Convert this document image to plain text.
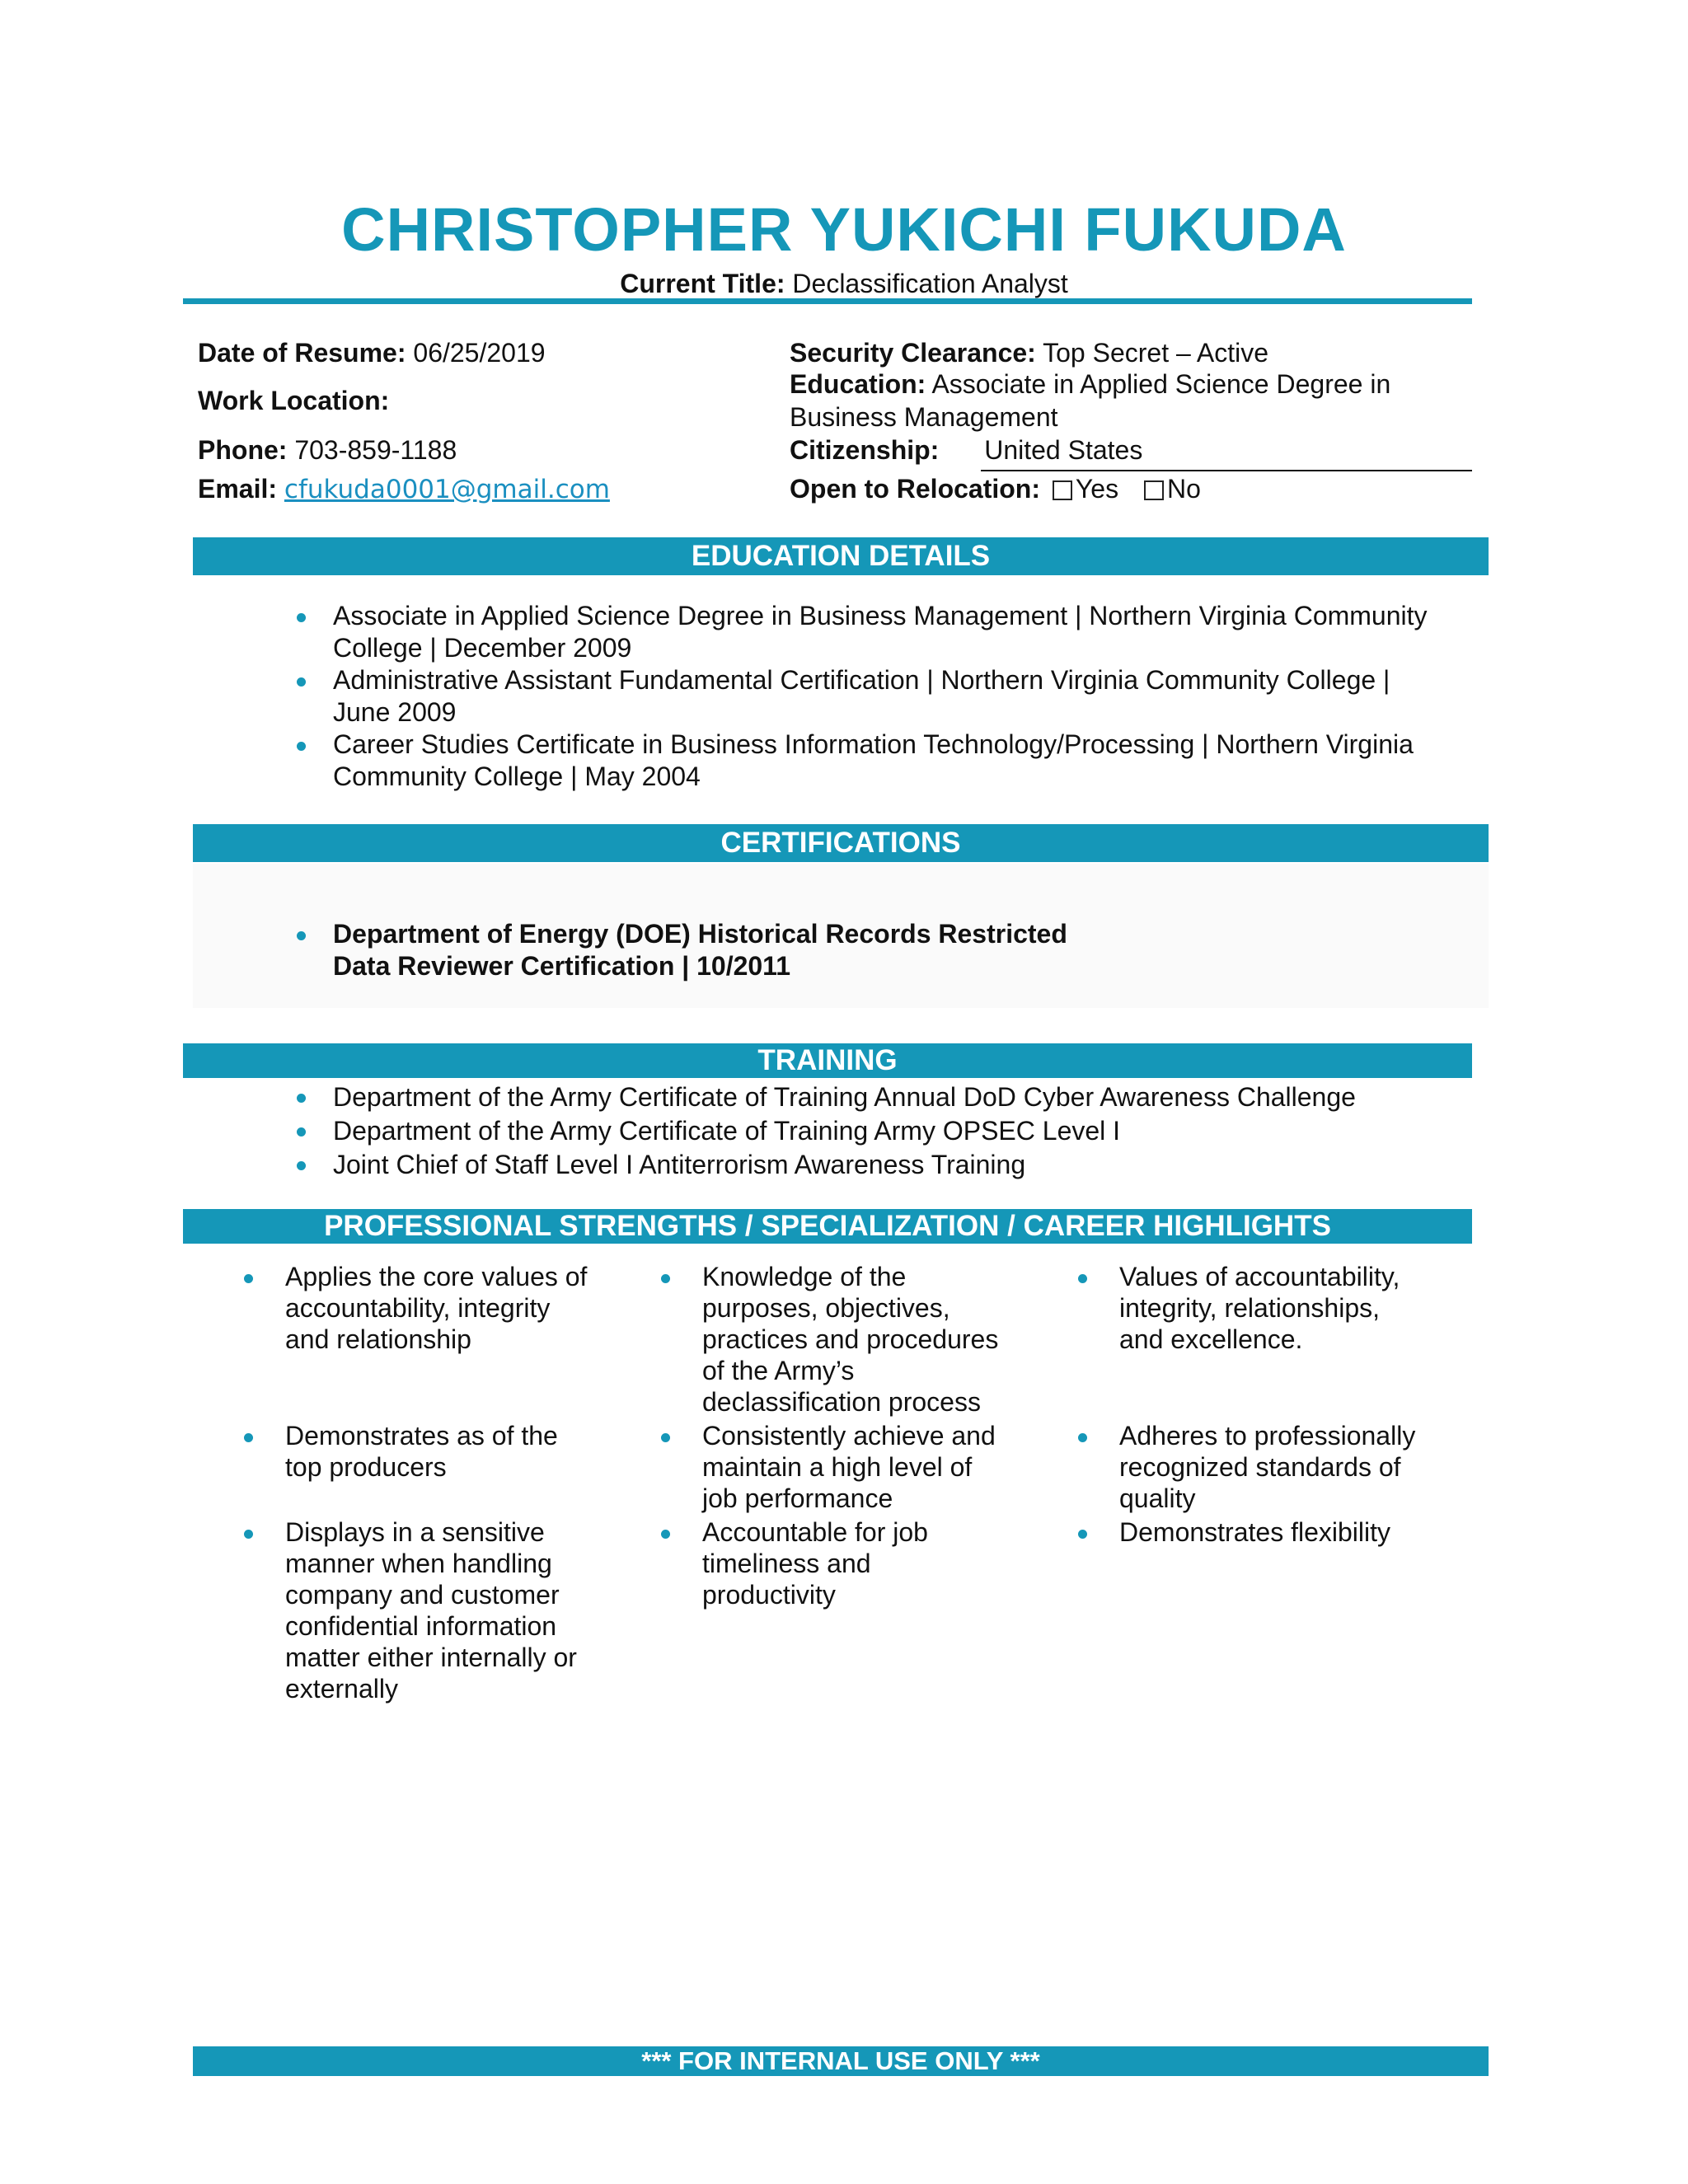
CHRISTOPHER YUKICHI FUKUDA
Current Title: Declassification Analyst
Date of Resume: 06/25/2019
Work Location:
Phone: 703-859-1188
Email: cfukuda0001@gmail.com
Security Clearance: Top Secret – Active
Education: Associate in Applied Science Degree in
Business Management
Citizenship: United States
Open to Relocation: Yes No
EDUCATION DETAILS
Associate in Applied Science Degree in Business Management | Northern Virginia Community
College | December 2009
Administrative Assistant Fundamental Certification | Northern Virginia Community College |
June 2009
Career Studies Certificate in Business Information Technology/Processing | Northern Virginia
Community College | May 2004
CERTIFICATIONS
Department of Energy (DOE) Historical Records Restricted
Data Reviewer Certification | 10/2011
TRAINING
Department of the Army Certificate of Training Annual DoD Cyber Awareness Challenge
Department of the Army Certificate of Training Army OPSEC Level I
Joint Chief of Staff Level I Antiterrorism Awareness Training
PROFESSIONAL STRENGTHS / SPECIALIZATION / CAREER HIGHLIGHTS
Applies the core values of
accountability, integrity
and relationship
Demonstrates as of the
top producers
Displays in a sensitive
manner when handling
company and customer
confidential information
matter either internally or
externally
Knowledge of the
purposes, objectives,
practices and procedures
of the Army’s
declassification process
Consistently achieve and
maintain a high level of
job performance
Accountable for job
timeliness and
productivity
Values of accountability,
integrity, relationships,
and excellence.
Adheres to professionally
recognized standards of
quality
Demonstrates flexibility
*** FOR INTERNAL USE ONLY ***
